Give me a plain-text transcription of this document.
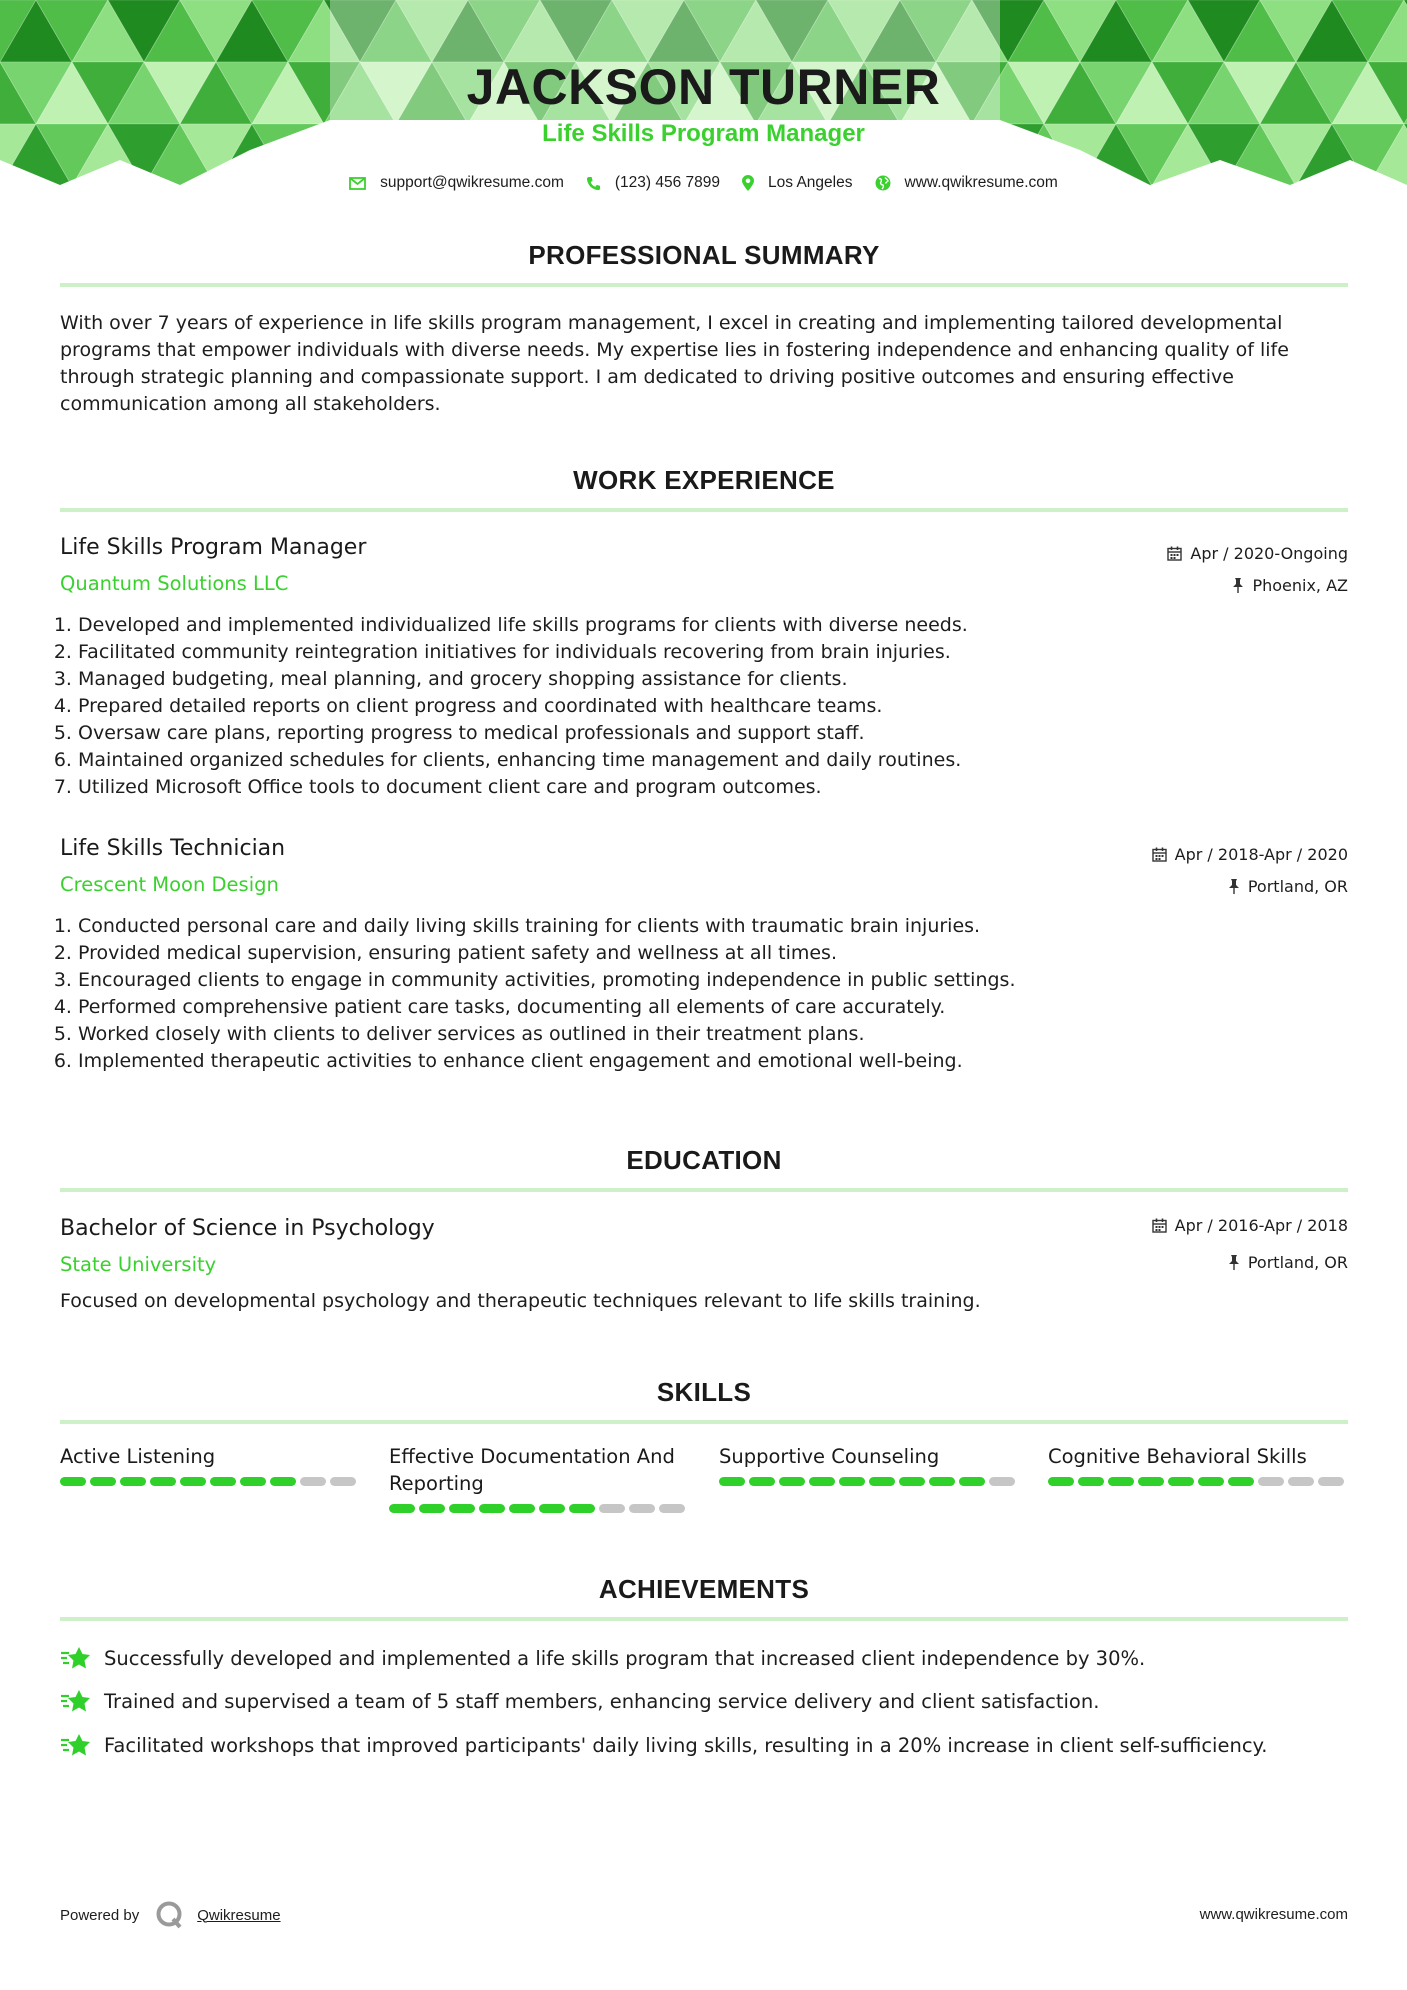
JACKSON TURNER
Life Skills Program Manager
support@qwikresume.com	(123) 456 7899	Los Angeles	www.qwikresume.com
PROFESSIONAL SUMMARY
With over 7 years of experience in life skills program management, I excel in creating and implementing tailored developmental programs that empower individuals with diverse needs. My expertise lies in fostering independence and enhancing quality of life through strategic planning and compassionate support. I am dedicated to driving positive outcomes and ensuring effective communication among all stakeholders.
WORK EXPERIENCE
Life Skills Program Manager
Quantum Solutions LLC
Apr / 2020-Ongoing
Phoenix, AZ
1. Developed and implemented individualized life skills programs for clients with diverse needs.
2. Facilitated community reintegration initiatives for individuals recovering from brain injuries.
3. Managed budgeting, meal planning, and grocery shopping assistance for clients.
4. Prepared detailed reports on client progress and coordinated with healthcare teams.
5. Oversaw care plans, reporting progress to medical professionals and support staff.
6. Maintained organized schedules for clients, enhancing time management and daily routines.
7. Utilized Microsoft Office tools to document client care and program outcomes.
Life Skills Technician
Crescent Moon Design
Apr / 2018-Apr / 2020
Portland, OR
1. Conducted personal care and daily living skills training for clients with traumatic brain injuries.
2. Provided medical supervision, ensuring patient safety and wellness at all times.
3. Encouraged clients to engage in community activities, promoting independence in public settings.
4. Performed comprehensive patient care tasks, documenting all elements of care accurately.
5. Worked closely with clients to deliver services as outlined in their treatment plans.
6. Implemented therapeutic activities to enhance client engagement and emotional well-being.
EDUCATION
Bachelor of Science in Psychology
State University
Apr / 2016-Apr / 2018
Portland, OR
Focused on developmental psychology and therapeutic techniques relevant to life skills training.
SKILLS
Active Listening	Effective Documentation And Reporting
Supportive Counseling	Cognitive Behavioral Skills
ACHIEVEMENTS
Successfully developed and implemented a life skills program that increased client independence by 30%.
Trained and supervised a team of 5 staff members, enhancing service delivery and client satisfaction.
Facilitated workshops that improved participants' daily living skills, resulting in a 20% increase in client self-sufficiency.
Powered by	Qwikresume	www.qwikresume.com
